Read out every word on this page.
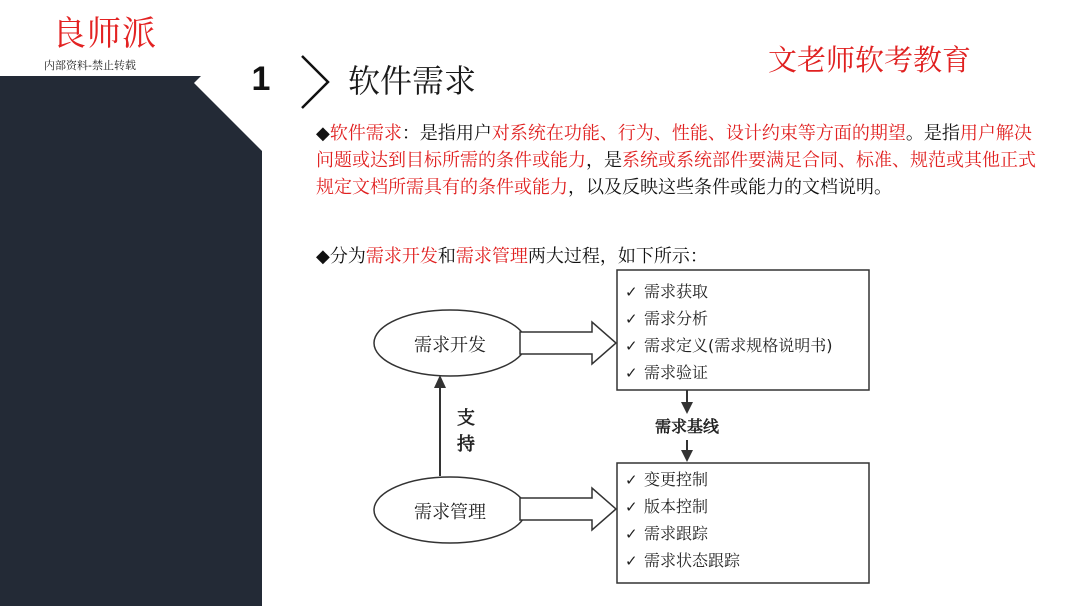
良师派
内部资料-禁止转载	1	软件需求
文老师软考教育
◆软件需求：是指用户对系统在功能、行为、性能、设计约束等方面的期望。是指用户解决问题或达到目标所需的条件或能力，是系统或系统部件要满足合同、标准、规范或其他正式规定文档所需具有的条件或能力，以及反映这些条件或能力的文档说明。
◆分为需求开发和需求管理两大过程，如下所示：
需求开发
需求管理
支
持
✓ 需求获取
✓ 需求分析
✓ 需求定义(需求规格说明书)
✓ 需求验证
需求基线
✓ 变更控制
✓ 版本控制
✓ 需求跟踪
✓ 需求状态跟踪
